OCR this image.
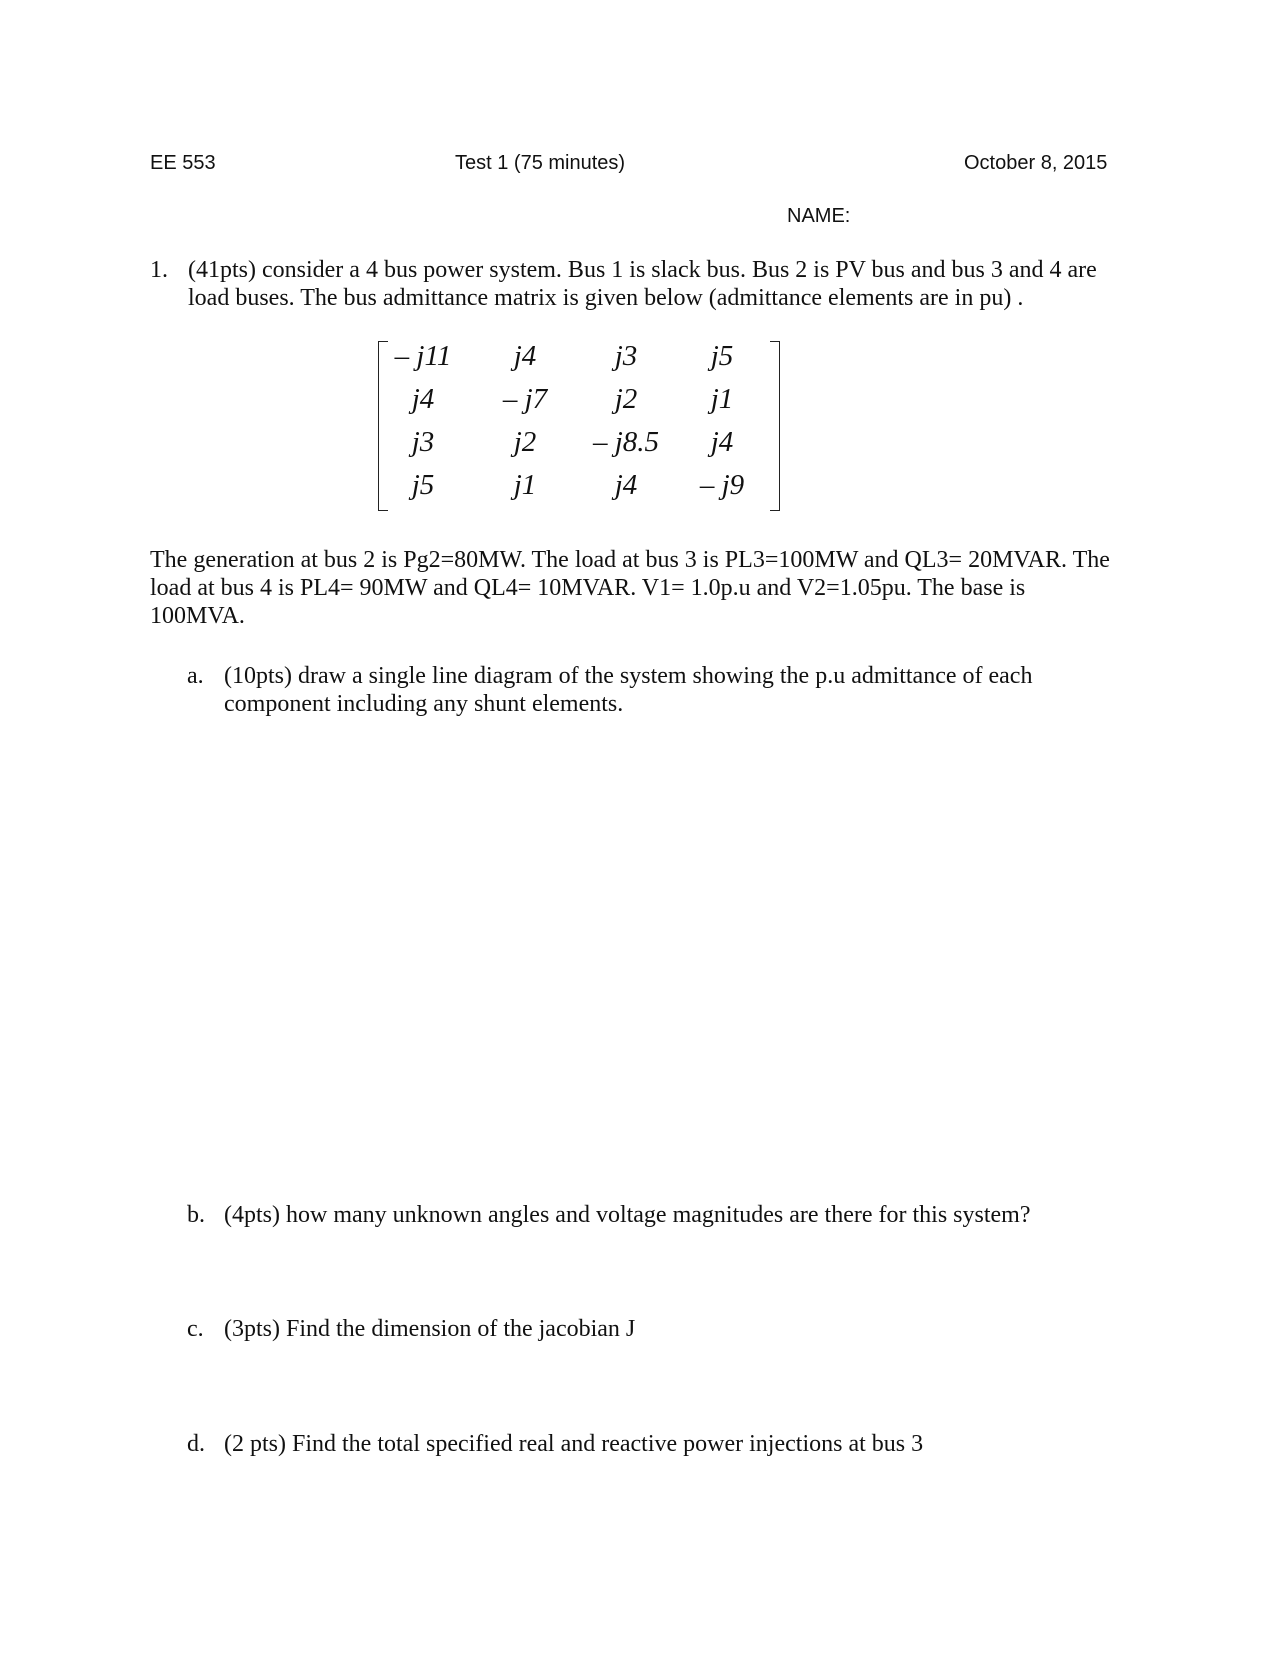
EE 553	Test 1 (75 minutes)	October 8, 2015
NAME:
1. (41pts) consider a 4 bus power system. Bus 1 is slack bus. Bus 2 is PV bus and bus 3 and 4 are load buses. The bus admittance matrix is given below (admittance elements are in pu) .
– j11	j4	j3	j5
j4	– j7	j2	j1
j3	j2	– j8.5	j4
j5	j1	j4	– j9
The generation at bus 2 is Pg2=80MW. The load at bus 3 is PL3=100MW and QL3= 20MVAR. The load at bus 4 is PL4= 90MW and QL4= 10MVAR. V1= 1.0p.u and V2=1.05pu. The base is 100MVA.
a. (10pts) draw a single line diagram of the system showing the p.u admittance of each component including any shunt elements.
b. (4pts) how many unknown angles and voltage magnitudes are there for this system?
c. (3pts) Find the dimension of the jacobian J
d. (2 pts) Find the total specified real and reactive power injections at bus 3
